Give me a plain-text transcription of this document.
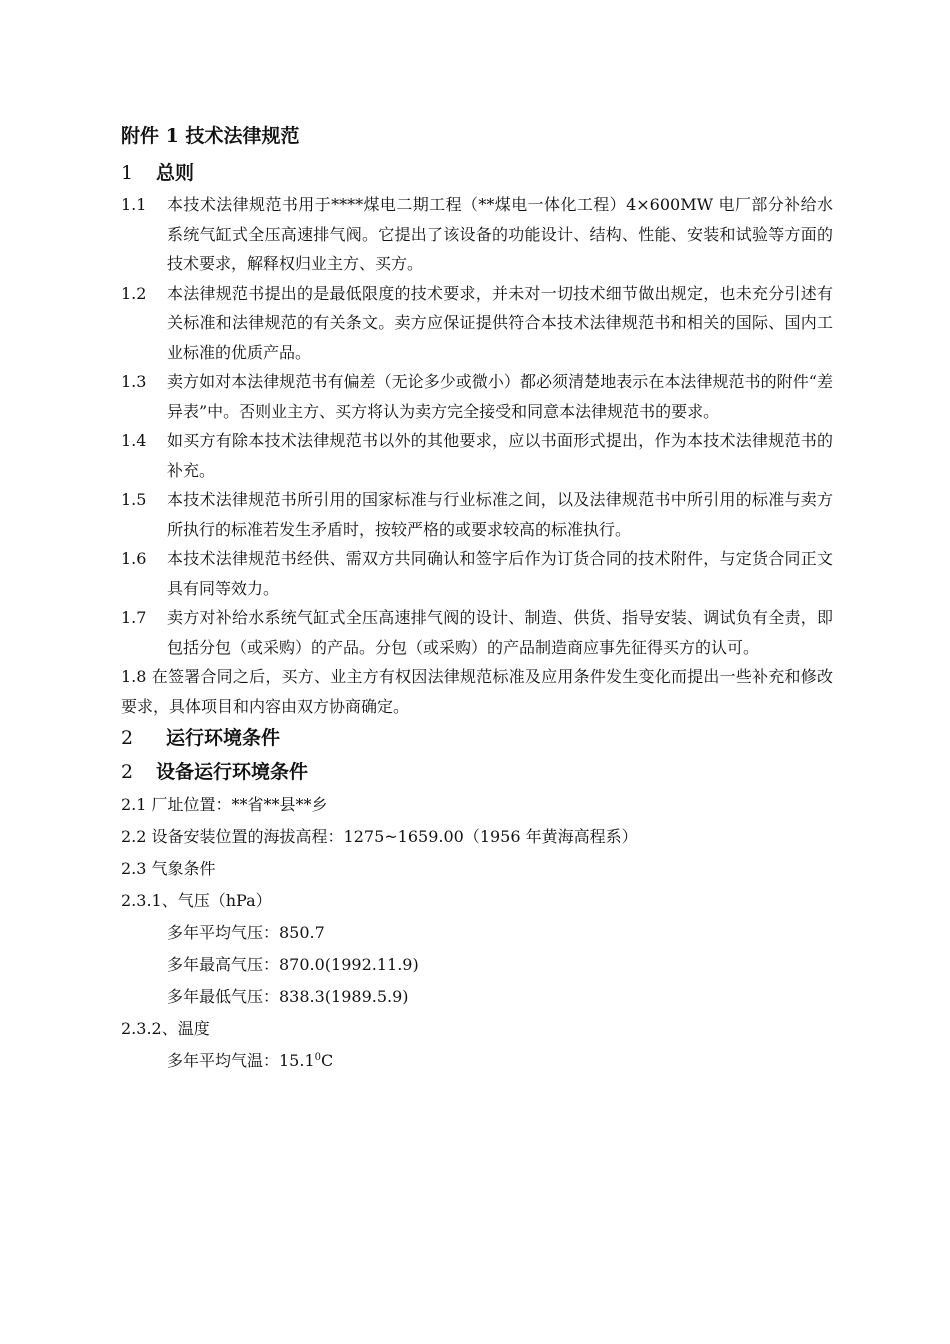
附件 1 技术法律规范
1	总则
1.1	本技术法律规范书用于****煤电二期工程（**煤电一体化工程）4×600MW 电厂部分补给水系统气缸式全压高速排气阀。它提出了该设备的功能设计、结构、性能、安装和试验等方面的技术要求，解释权归业主方、买方。
1.2	本法律规范书提出的是最低限度的技术要求，并未对一切技术细节做出规定，也未充分引述有关标准和法律规范的有关条文。卖方应保证提供符合本技术法律规范书和相关的国际、国内工业标准的优质产品。
1.3	卖方如对本法律规范书有偏差（无论多少或微小）都必须清楚地表示在本法律规范书的附件“差异表”中。否则业主方、买方将认为卖方完全接受和同意本法律规范书的要求。
1.4	如买方有除本技术法律规范书以外的其他要求，应以书面形式提出，作为本技术法律规范书的补充。
1.5	本技术法律规范书所引用的国家标准与行业标准之间，以及法律规范书中所引用的标准与卖方所执行的标准若发生矛盾时，按较严格的或要求较高的标准执行。
1.6	本技术法律规范书经供、需双方共同确认和签字后作为订货合同的技术附件，与定货合同正文具有同等效力。
1.7	卖方对补给水系统气缸式全压高速排气阀的设计、制造、供货、指导安装、调试负有全责，即包括分包（或采购）的产品。分包（或采购）的产品制造商应事先征得买方的认可。
1.8 在签署合同之后，买方、业主方有权因法律规范标准及应用条件发生变化而提出一些补充和修改要求，具体项目和内容由双方协商确定。
2	运行环境条件
2	设备运行环境条件
2.1 厂址位置：**省**县**乡
2.2 设备安装位置的海拔高程：1275~1659.00（1956 年黄海高程系）
2.3 气象条件
2.3.1、气压（hPa）
多年平均气压：850.7
多年最高气压：870.0(1992.11.9)
多年最低气压：838.3(1989.5.9)
2.3.2、温度
多年平均气温：15.1$^0$C
